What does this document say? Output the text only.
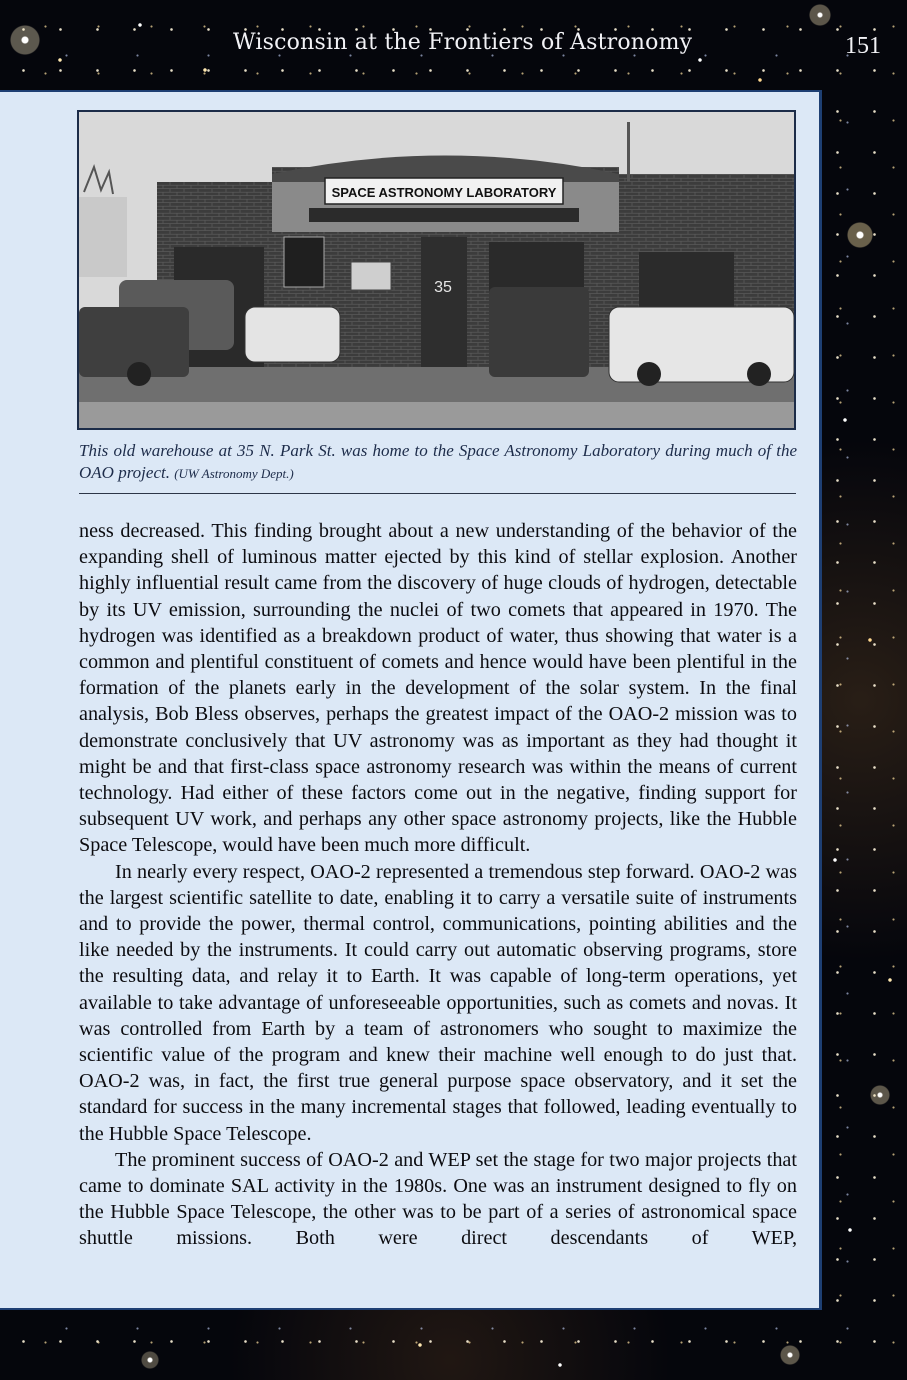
Wisconsin at the Frontiers of Astronomy	151
SPACE ASTRONOMY LABORATORY
35

This old warehouse at 35 N. Park St. was home to the Space Astronomy Laboratory during much of the OAO project. (UW Astronomy Dept.)

ness decreased. This finding brought about a new understanding of the behavior of the expanding shell of luminous matter ejected by this kind of stellar explosion. Another highly influential result came from the discovery of huge clouds of hydrogen, detectable by its UV emission, surrounding the nuclei of two comets that appeared in 1970. The hydrogen was identified as a breakdown product of water, thus showing that water is a common and plentiful constituent of comets and hence would have been plentiful in the formation of the planets early in the development of the solar system. In the final analysis, Bob Bless observes, perhaps the greatest impact of the OAO-2 mission was to demonstrate conclusively that UV astronomy was as important as they had thought it might be and that first-class space astronomy research was within the means of current technology. Had either of these factors come out in the negative, finding support for subsequent UV work, and perhaps any other space astronomy projects, like the Hubble Space Telescope, would have been much more difficult.

In nearly every respect, OAO-2 represented a tremendous step forward. OAO-2 was the largest scientific satellite to date, enabling it to carry a versatile suite of instruments and to provide the power, thermal control, communications, pointing abilities and the like needed by the instruments. It could carry out automatic observing programs, store the resulting data, and relay it to Earth. It was capable of long-term operations, yet available to take advantage of unforeseeable opportunities, such as comets and novas. It was controlled from Earth by a team of astronomers who sought to maximize the scientific value of the program and knew their machine well enough to do just that. OAO-2 was, in fact, the first true general purpose space observatory, and it set the standard for success in the many incremental stages that followed, leading eventually to the Hubble Space Telescope.

The prominent success of OAO-2 and WEP set the stage for two major projects that came to dominate SAL activity in the 1980s. One was an instrument designed to fly on the Hubble Space Telescope, the other was to be part of a series of astronomical space shuttle missions. Both were direct descendants of WEP,
